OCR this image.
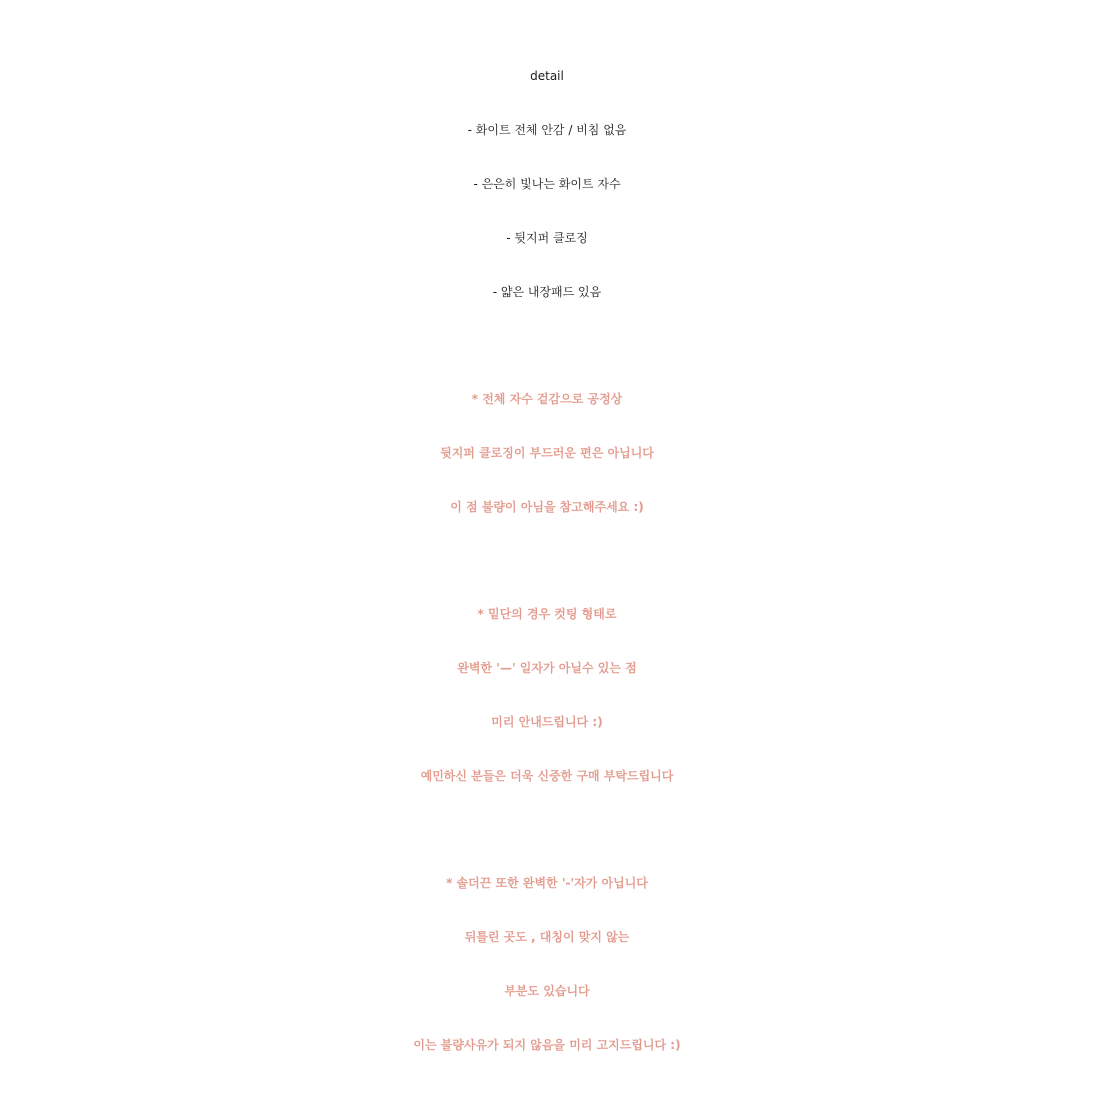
detail
- 화이트 전체 안감 / 비침 없음
- 은은히 빛나는 화이트 자수
- 뒷지퍼 클로징
- 얇은 내장패드 있음
* 전체 자수 겉감으로 공정상
뒷지퍼 클로징이 부드러운 편은 아닙니다
이 점 불량이 아님을 참고해주세요 :)
* 밑단의 경우 컷팅 형태로
완벽한 '—' 일자가 아닐수 있는 점
미리 안내드립니다 :)
예민하신 분들은 더욱 신중한 구매 부탁드립니다
* 솔더끈 또한 완벽한 '-'자가 아닙니다
뒤틀린 곳도 , 대칭이 맞지 않는
부분도 있습니다
이는 불량사유가 되지 않음을 미리 고지드립니다 :)
